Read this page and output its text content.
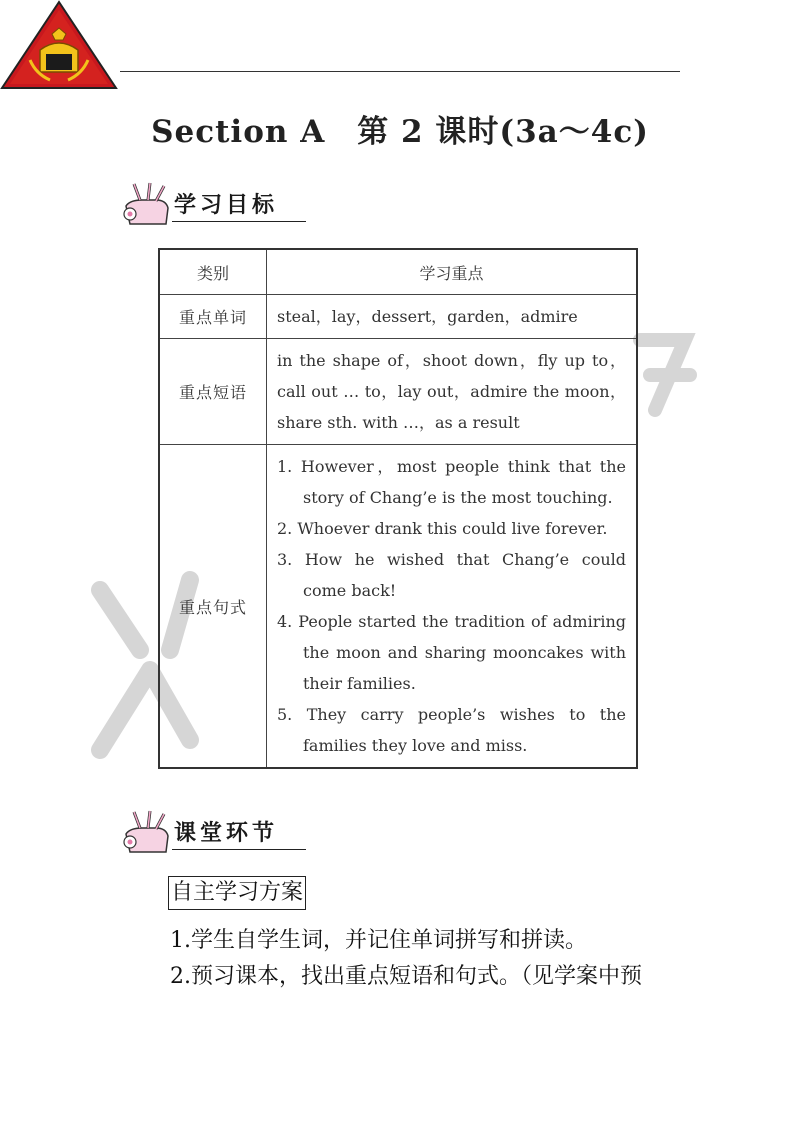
Section A　第 2 课时(3a～4c)
学习目标
类别	学习重点
重点单词	steal，lay，dessert，garden，admire
重点短语	in the shape of，shoot down，fly up to，call out … to，lay out，admire the moon，share sth. with …，as a result
重点句式	1. However，most people think that the story of Chang’e is the most touching.
2. Whoever drank this could live forever.
3. How he wished that Chang’e could come back!
4. People started the tradition of admiring the moon and sharing mooncakes with their families.
5. They carry people’s wishes to the families they love and miss.
课堂环节
自主学习方案
1.学生自学生词，并记住单词拼写和拼读。
2.预习课本，找出重点短语和句式。（见学案中预
